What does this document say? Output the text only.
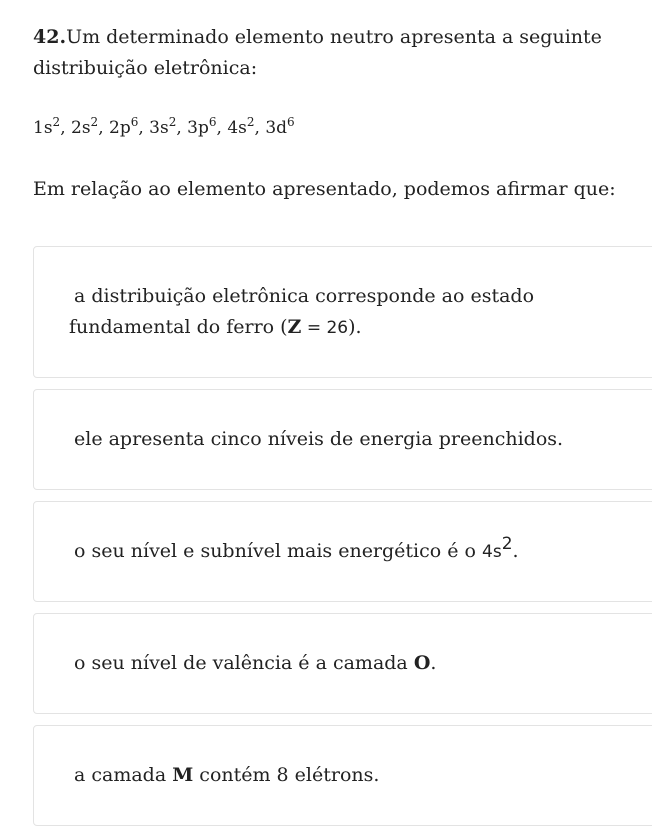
42.Um determinado elemento neutro apresenta a seguinte

distribuição eletrônica:

$1s^2$, $2s^2$, $2p^6$, $3s^2$, $3p^6$, $4s^2$, $3d^6$

Em relação ao elemento apresentado, podemos afirmar que:

a distribuição eletrônica corresponde ao estado

fundamental do ferro (Z = 26).

ele apresenta cinco níveis de energia preenchidos.

o seu nível e subnível mais energético é o $4s^2$.

o seu nível de valência é a camada O.

a camada M contém 8 elétrons.
